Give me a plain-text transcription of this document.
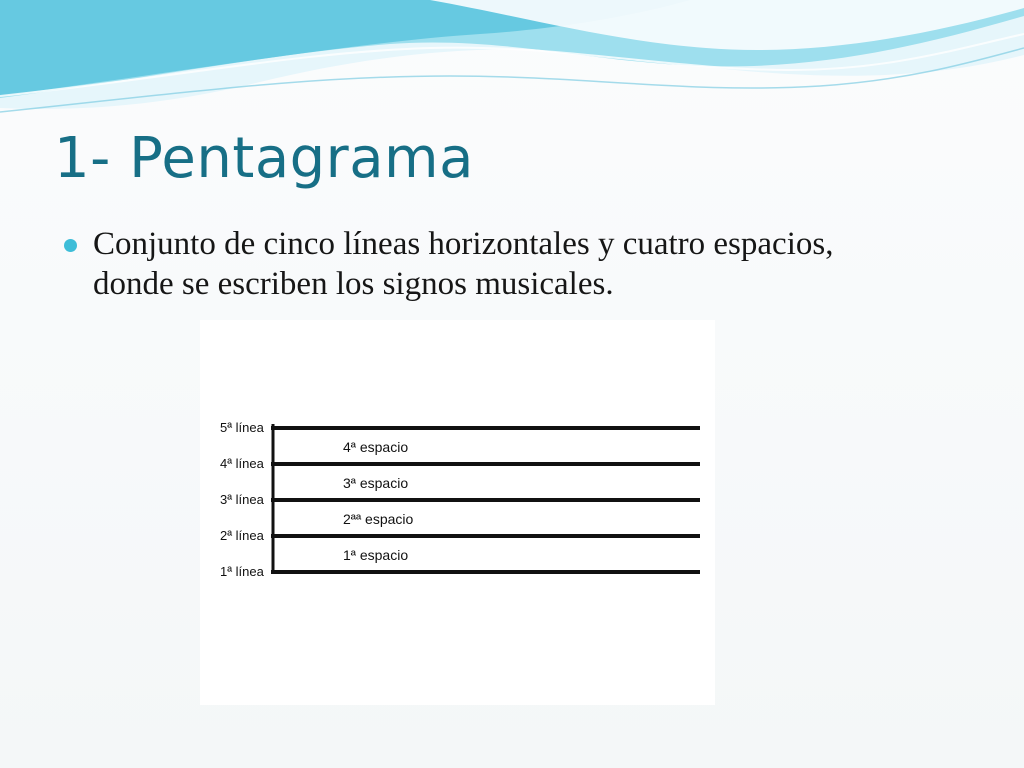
1- Pentagrama

Conjunto de cinco líneas horizontales y cuatro espacios, donde se escriben los signos musicales.

5ª línea
4ª línea
3ª línea
2ª línea
1ª línea
4ª espacio
3ª espacio
2ªª espacio
1ª espacio
